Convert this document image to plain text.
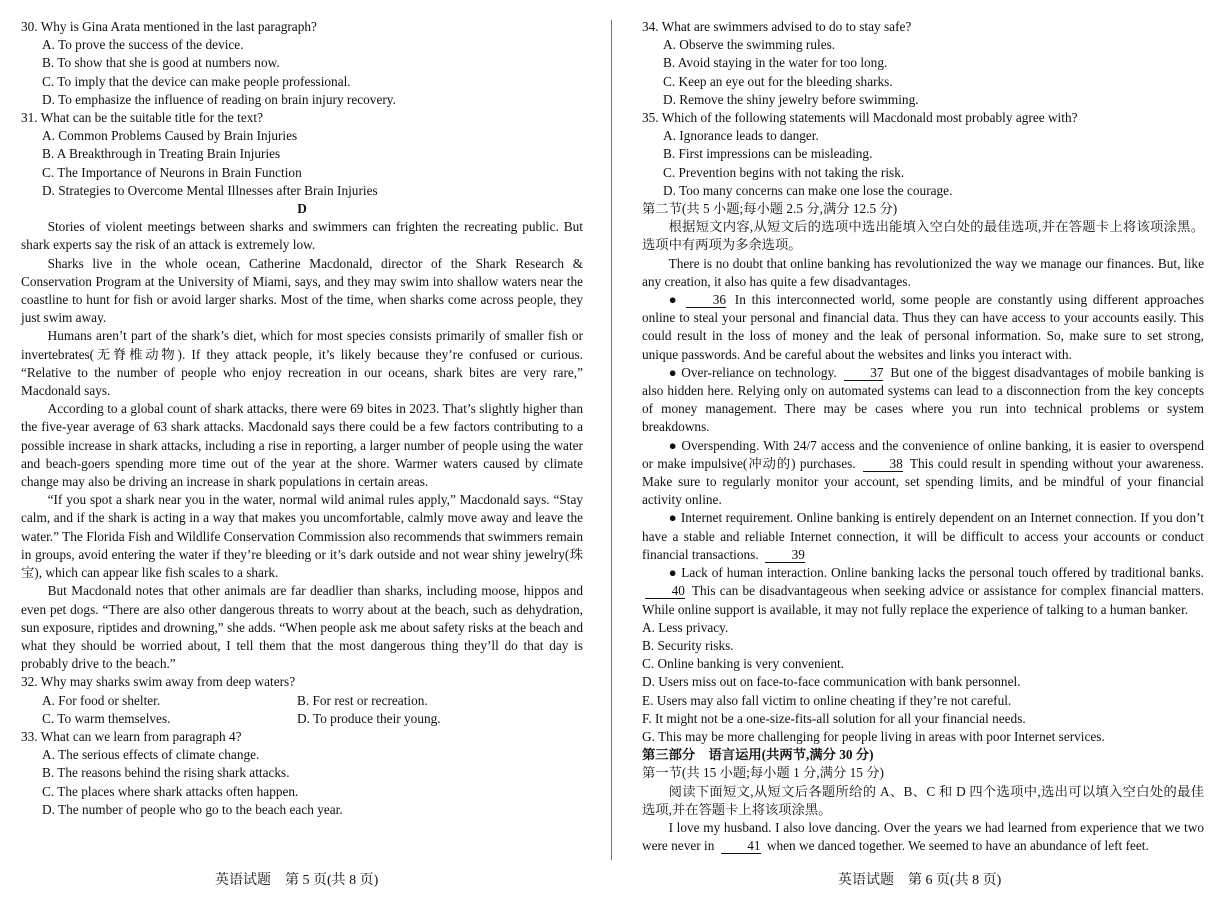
30. Why is Gina Arata mentioned in the last paragraph?

A. To prove the success of the device.

B. To show that she is good at numbers now.

C. To imply that the device can make people professional.

D. To emphasize the influence of reading on brain injury recovery.

31. What can be the suitable title for the text?

A. Common Problems Caused by Brain Injuries

B. A Breakthrough in Treating Brain Injuries

C. The Importance of Neurons in Brain Function

D. Strategies to Overcome Mental Illnesses after Brain Injuries

D

Stories of violent meetings between sharks and swimmers can frighten the recreating public. But shark experts say the risk of an attack is extremely low.

Sharks live in the whole ocean, Catherine Macdonald, director of the Shark Research & Conservation Program at the University of Miami, says, and they may swim into shallow waters near the coastline to hunt for fish or avoid larger sharks. Most of the time, when sharks come across people, they just swim away.

Humans aren’t part of the shark’s diet, which for most species consists primarily of smaller fish or invertebrates(无脊椎动物). If they attack people, it’s likely because they’re confused or curious. “Relative to the number of people who enjoy recreation in our oceans, shark bites are very rare,” Macdonald says.

According to a global count of shark attacks, there were 69 bites in 2023. That’s slightly higher than the five-year average of 63 shark attacks. Macdonald says there could be a few factors contributing to a possible increase in shark attacks, including a rise in reporting, a larger number of people using the water and beach-goers spending more time out of the year at the shore. Warmer waters caused by climate change may also be driving an increase in shark populations in certain areas.

“If you spot a shark near you in the water, normal wild animal rules apply,” Macdonald says. “Stay calm, and if the shark is acting in a way that makes you uncomfortable, calmly move away and leave the water.” The Florida Fish and Wildlife Conservation Commission also recommends that swimmers remain in groups, avoid entering the water if they’re bleeding or it’s dark outside and not wear shiny jewelry(珠宝), which can appear like fish scales to a shark.

But Macdonald notes that other animals are far deadlier than sharks, including moose, hippos and even pet dogs. “There are also other dangerous threats to worry about at the beach, such as dehydration, sun exposure, riptides and drowning,” she adds. “When people ask me about safety risks at the beach and what they should be worried about, I tell them that the most dangerous thing they’ll do that day is probably drive to the beach.”

32. Why may sharks swim away from deep waters?

A. For food or shelter.	B. For rest or recreation.
C. To warm themselves.	D. To produce their young.

33. What can we learn from paragraph 4?

A. The serious effects of climate change.

B. The reasons behind the rising shark attacks.

C. The places where shark attacks often happen.

D. The number of people who go to the beach each year.

34. What are swimmers advised to do to stay safe?

A. Observe the swimming rules.

B. Avoid staying in the water for too long.

C. Keep an eye out for the bleeding sharks.

D. Remove the shiny jewelry before swimming.

35. Which of the following statements will Macdonald most probably agree with?

A. Ignorance leads to danger.

B. First impressions can be misleading.

C. Prevention begins with not taking the risk.

D. Too many concerns can make one lose the courage.

第二节(共 5 小题;每小题 2.5 分,满分 12.5 分)

根据短文内容,从短文后的选项中选出能填入空白处的最佳选项,并在答题卡上将该项涂黑。选项中有两项为多余选项。

There is no doubt that online banking has revolutionized the way we manage our finances. But, like any creation, it also has quite a few disadvantages.

●	36 In this interconnected world, some people are constantly using different approaches online to steal your personal and financial data. Thus they can have access to your accounts easily. This could result in the loss of money and the leak of personal information. So, make sure to set strong, unique passwords. And be careful about the websites and links you interact with.

● Over-reliance on technology.	37 But one of the biggest disadvantages of mobile banking is also hidden here. Relying only on automated systems can lead to a disconnection from the key concepts of money management. There may be cases where you run into technical problems or system breakdowns.

● Overspending. With 24/7 access and the convenience of online banking, it is easier to overspend or make impulsive(冲动的) purchases.	38 This could result in spending without your awareness. Make sure to regularly monitor your account, set spending limits, and be mindful of your financial activity online.

● Internet requirement. Online banking is entirely dependent on an Internet connection. If you don’t have a stable and reliable Internet connection, it will be difficult to access your accounts or conduct financial transactions. 39

● Lack of human interaction. Online banking lacks the personal touch offered by traditional banks. 40 This can be disadvantageous when seeking advice or assistance for complex financial matters. While online support is available, it may not fully replace the experience of talking to a human banker.

A. Less privacy.

B. Security risks.

C. Online banking is very convenient.

D. Users miss out on face-to-face communication with bank personnel.

E. Users may also fall victim to online cheating if they’re not careful.

F. It might not be a one-size-fits-all solution for all your financial needs.

G. This may be more challenging for people living in areas with poor Internet services.

第三部分　语言运用(共两节,满分 30 分)

第一节(共 15 小题;每小题 1 分,满分 15 分)

阅读下面短文,从短文后各题所给的 A、B、C 和 D 四个选项中,选出可以填入空白处的最佳选项,并在答题卡上将该项涂黑。

I love my husband. I also love dancing. Over the years we had learned from experience that we two were never in 41 when we danced together. We seemed to have an abundance of left feet.

英语试题　第 5 页(共 8 页)	英语试题　第 6 页(共 8 页)
